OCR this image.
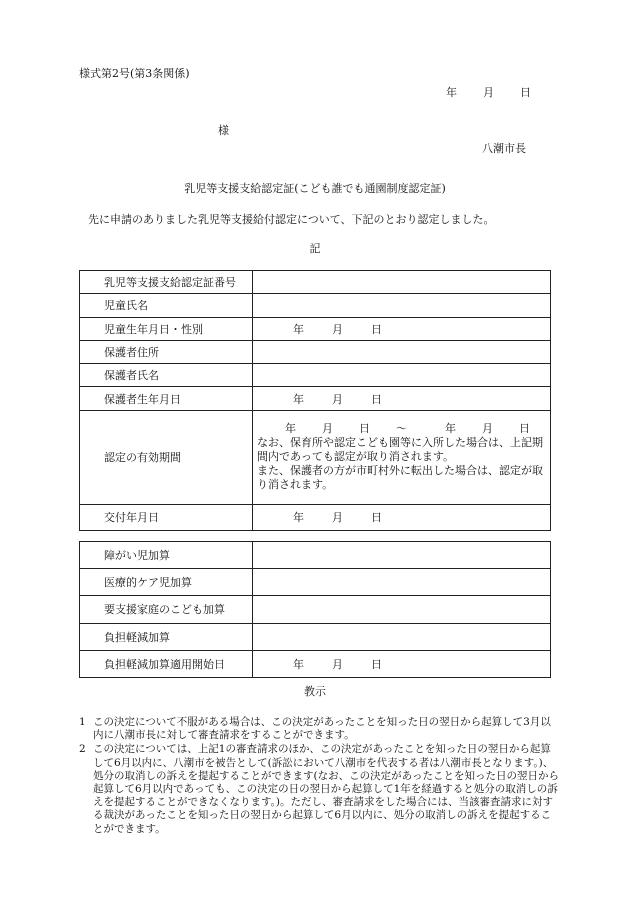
様式第2号(第3条関係)
年 月 日
様
八潮市長
乳児等支援支給認定証(こども誰でも通園制度認定証)
先に申請のありました乳児等支援給付認定について、下記のとおり認定しました。
記
乳児等支援支給認定証番号	
児童氏名	
児童生年月日・性別	年 月 日
保護者住所	
保護者氏名	
保護者生年月日	年 月 日
認定の有効期間	年 月 日 ～ 年 月 日
なお、保育所や認定こども園等に入所した場合は、上記期間内であっても認定が取り消されます。
また、保護者の方が市町村外に転出した場合は、認定が取り消されます。

交付年月日	年 月 日
障がい児加算	
医療的ケア児加算	
要支援家庭のこども加算	
負担軽減加算	
負担軽減加算適用開始日	年 月 日
教示
1 この決定について不服がある場合は、この決定があったことを知った日の翌日から起算して3月以内に八潮市長に対して審査請求をすることができます。
2 この決定については、上記1の審査請求のほか、この決定があったことを知った日の翌日から起算して6月以内に、八潮市を被告として(訴訟において八潮市を代表する者は八潮市長となります。)、処分の取消しの訴えを提起することができます(なお、この決定があったことを知った日の翌日から起算して6月以内であっても、この決定の日の翌日から起算して1年を経過すると処分の取消しの訴えを提起することができなくなります。)。ただし、審査請求をした場合には、当該審査請求に対する裁決があったことを知った日の翌日から起算して6月以内に、処分の取消しの訴えを提起することができます。
